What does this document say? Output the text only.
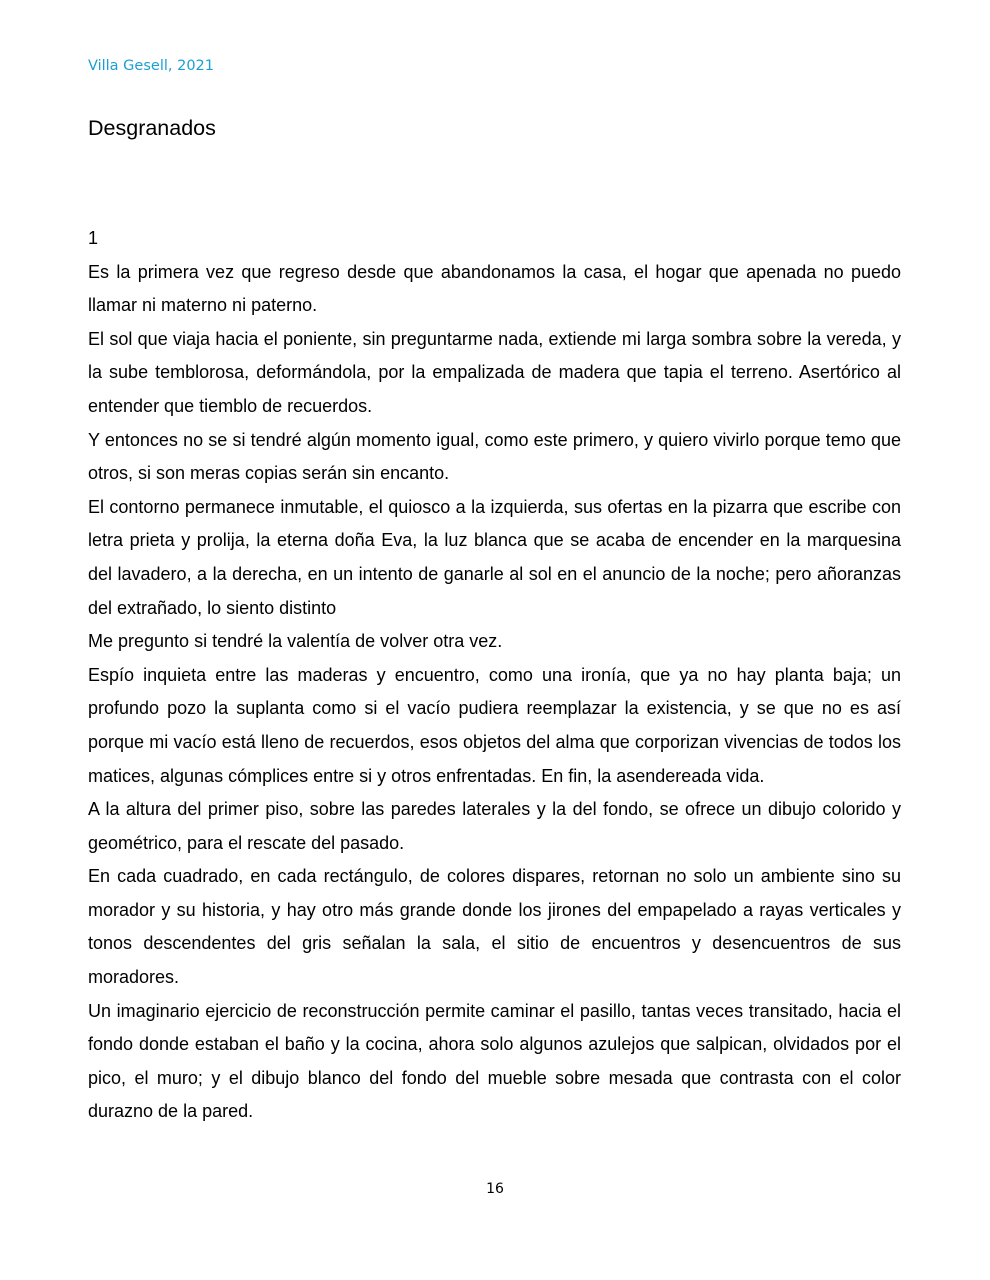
Villa Gesell, 2021
Desgranados

1

Es la primera vez que regreso desde que abandonamos la casa, el hogar que apenada no puedo llamar ni materno ni paterno.

El sol que viaja hacia el poniente, sin preguntarme nada, extiende mi larga sombra sobre la vereda, y la sube temblorosa, deformándola, por la empalizada de madera que tapia el terreno. Asertórico al entender que tiemblo de recuerdos.

Y entonces no se si tendré algún momento igual, como este primero, y quiero vivirlo porque temo que otros, si son meras copias serán sin encanto.

El contorno permanece inmutable, el quiosco a la izquierda, sus ofertas en la pizarra que escribe con letra prieta y prolija, la eterna doña Eva, la luz blanca que se acaba de encender en la marquesina del lavadero, a la derecha, en un intento de ganarle al sol en el anuncio de la noche; pero añoranzas del extrañado, lo siento distinto

Me pregunto si tendré la valentía de volver otra vez.

Espío inquieta entre las maderas y encuentro, como una ironía, que ya no hay planta baja; un profundo pozo la suplanta como si el vacío pudiera reemplazar la existencia, y se que no es así porque mi vacío está lleno de recuerdos, esos objetos del alma que corporizan vivencias de todos los matices, algunas cómplices entre si y otros enfrentadas. En fin, la asendereada vida.

A la altura del primer piso, sobre las paredes laterales y la del fondo, se ofrece un dibujo colorido y geométrico, para el rescate del pasado.

En cada cuadrado, en cada rectángulo, de colores dispares, retornan no solo un ambiente sino su morador y su historia, y hay otro más grande donde los jirones del empapelado a rayas verticales y tonos descendentes del gris señalan la sala, el sitio de encuentros y desencuentros de sus moradores.

Un imaginario ejercicio de reconstrucción permite caminar el pasillo, tantas veces transitado, hacia el fondo donde estaban el baño y la cocina, ahora solo algunos azulejos que salpican, olvidados por el pico, el muro; y el dibujo blanco del fondo del mueble sobre mesada que contrasta con el color durazno de la pared.

16
